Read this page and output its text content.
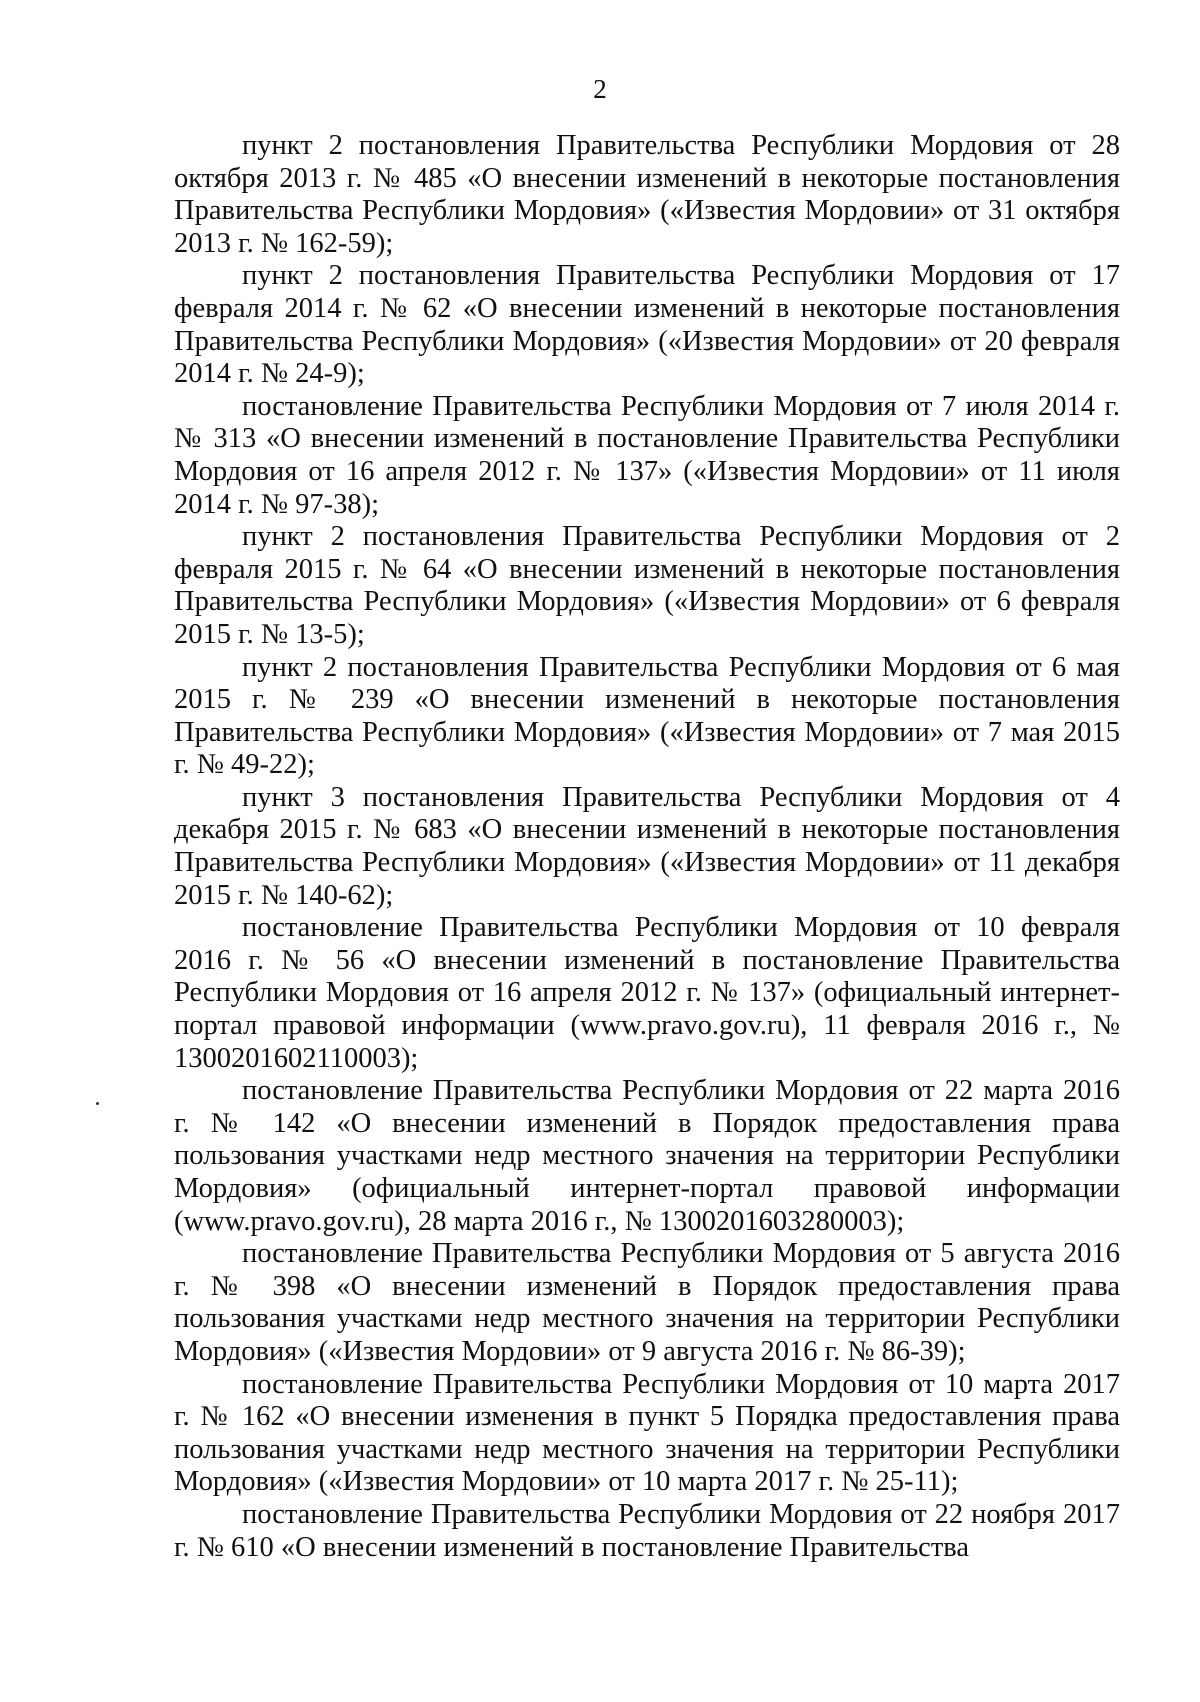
2

пункт 2 постановления Правительства Республики Мордовия от 28 октября 2013 г. № 485 «О внесении изменений в некоторые постановления Правительства Республики Мордовия» («Известия Мордовии» от 31 октября 2013 г. № 162-59);

пункт 2 постановления Правительства Республики Мордовия от 17 февраля 2014 г. № 62 «О внесении изменений в некоторые постановления Правительства Республики Мордовия» («Известия Мордовии» от 20 февраля 2014 г. № 24-9);

постановление Правительства Республики Мордовия от 7 июля 2014 г. № 313 «О внесении изменений в постановление Правительства Республики Мордовия от 16 апреля 2012 г. № 137» («Известия Мордовии» от 11 июля 2014 г. № 97-38);

пункт 2 постановления Правительства Республики Мордовия от 2 февраля 2015 г. № 64 «О внесении изменений в некоторые постановления Правительства Республики Мордовия» («Известия Мордовии» от 6 февраля 2015 г. № 13-5);

пункт 2 постановления Правительства Республики Мордовия от 6 мая 2015 г. № 239 «О внесении изменений в некоторые постановления Правительства Республики Мордовия» («Известия Мордовии» от 7 мая 2015 г. № 49-22);

пункт 3 постановления Правительства Республики Мордовия от 4 декабря 2015 г. № 683 «О внесении изменений в некоторые постановления Правительства Республики Мордовия» («Известия Мордовии» от 11 декабря 2015 г. № 140-62);

постановление Правительства Республики Мордовия от 10 февраля 2016 г. № 56 «О внесении изменений в постановление Правительства Республики Мордовия от 16 апреля 2012 г. № 137» (официальный интернет-портал правовой информации (www.pravo.gov.ru), 11 февраля 2016 г., № 1300201602110003);

постановление Правительства Республики Мордовия от 22 марта 2016 г. № 142 «О внесении изменений в Порядок предоставления права пользования участками недр местного значения на территории Республики Мордовия» (официальный интернет-портал правовой информации (www.pravo.gov.ru), 28 марта 2016 г., № 1300201603280003);

постановление Правительства Республики Мордовия от 5 августа 2016 г. № 398 «О внесении изменений в Порядок предоставления права пользования участками недр местного значения на территории Республики Мордовия» («Известия Мордовии» от 9 августа 2016 г. № 86-39);

постановление Правительства Республики Мордовия от 10 марта 2017 г. № 162 «О внесении изменения в пункт 5 Порядка предоставления права пользования участками недр местного значения на территории Республики Мордовия» («Известия Мордовии» от 10 марта 2017 г. № 25-11);

постановление Правительства Республики Мордовия от 22 ноября 2017 г. № 610 «О внесении изменений в постановление Правительства
